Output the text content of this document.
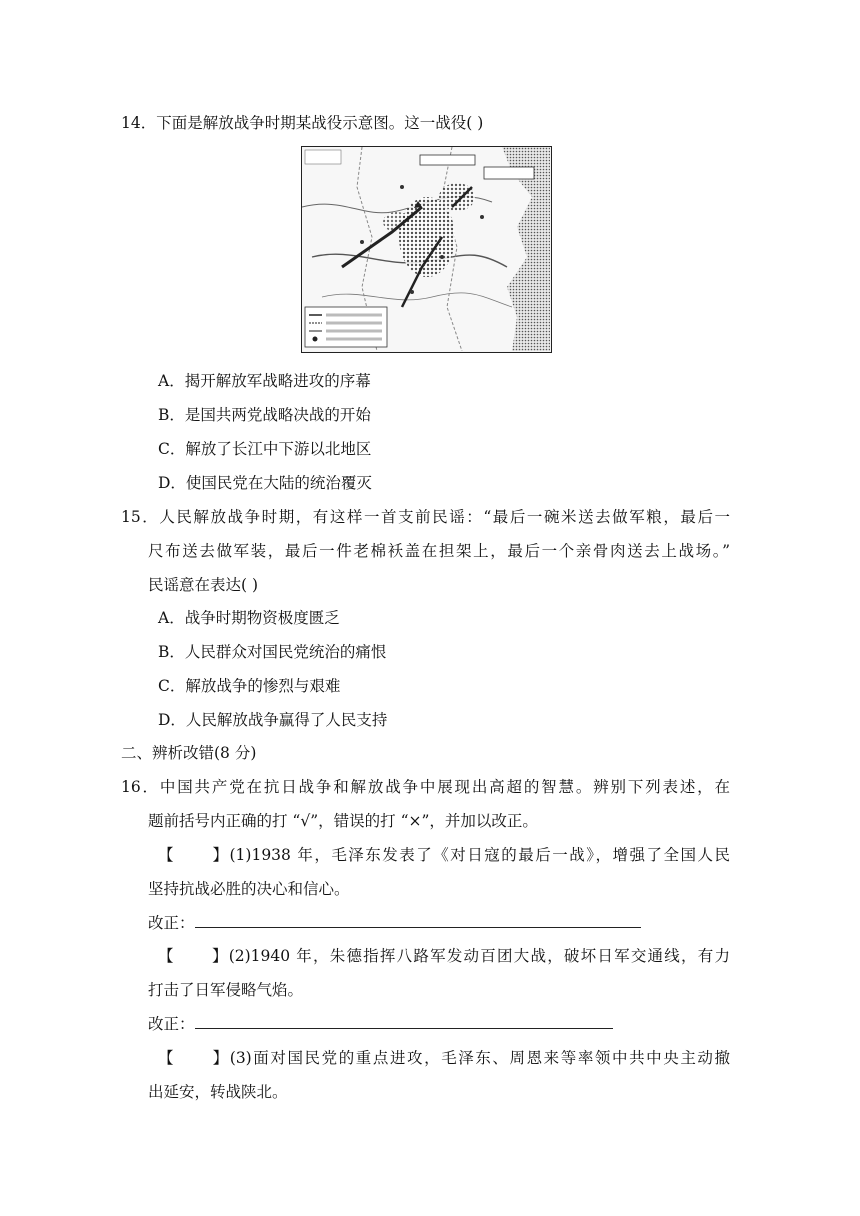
14．下面是解放战争时期某战役示意图。这一战役( )
A．揭开解放军战略进攻的序幕
B．是国共两党战略决战的开始
C．解放了长江中下游以北地区
D．使国民党在大陆的统治覆灭
15．人民解放战争时期，有这样一首支前民谣：“最后一碗米送去做军粮，最后一
尺布送去做军装，最后一件老棉袄盖在担架上，最后一个亲骨肉送去上战场。”
民谣意在表达( )
A．战争时期物资极度匮乏
B．人民群众对国民党统治的痛恨
C．解放战争的惨烈与艰难
D．人民解放战争赢得了人民支持
二、辨析改错(8 分)
16．中国共产党在抗日战争和解放战争中展现出高超的智慧。辨别下列表述，在
题前括号内正确的打 “√”，错误的打 “×”，并加以改正。
【 】(1)1938 年，毛泽东发表了《对日寇的最后一战》，增强了全国人民
坚持抗战必胜的决心和信心。
改正：
【 】(2)1940 年，朱德指挥八路军发动百团大战，破坏日军交通线，有力
打击了日军侵略气焰。
改正：
【 】(3)面对国民党的重点进攻，毛泽东、周恩来等率领中共中央主动撤
出延安，转战陕北。
